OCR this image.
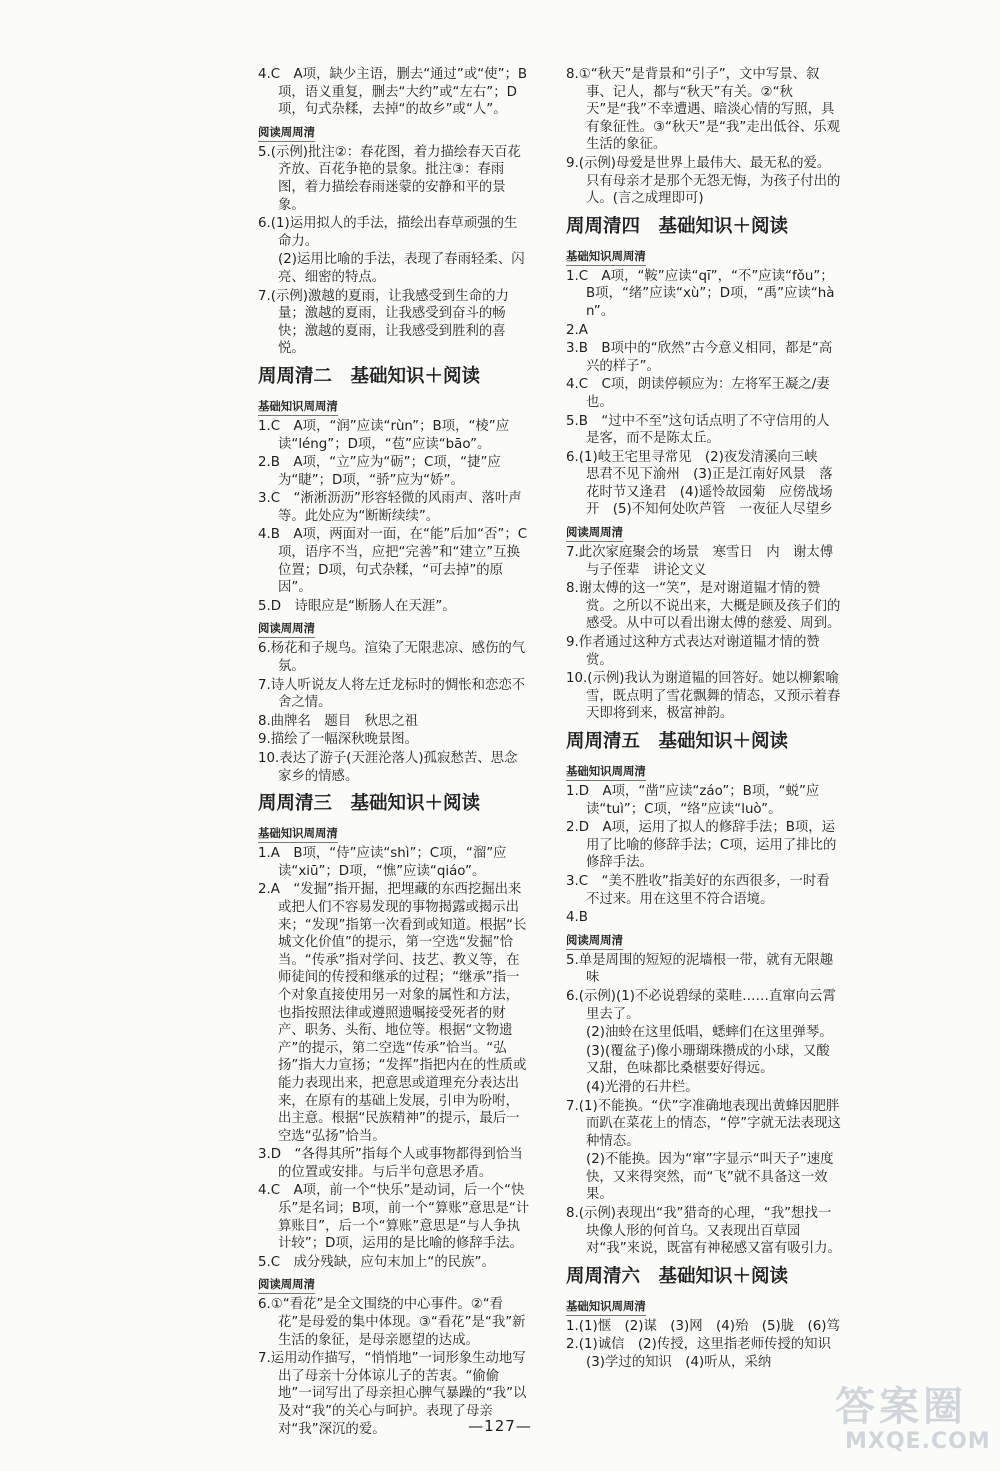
4.C　A项，缺少主语，删去“通过”或“使”；B项，语义重复，删去“大约”或“左右”；D项，句式杂糅，去掉“的故乡”或“人”。
阅读周周清
5.(示例)批注②：春花图，着力描绘春天百花齐放、百花争艳的景象。批注③：春雨图，着力描绘春雨迷蒙的安静和平的景象。
6.(1)运用拟人的手法，描绘出春草顽强的生命力。
(2)运用比喻的手法，表现了春雨轻柔、闪亮、细密的特点。
7.(示例)激越的夏雨，让我感受到生命的力量；激越的夏雨，让我感受到奋斗的畅快；激越的夏雨，让我感受到胜利的喜悦。
周周清二　基础知识＋阅读
基础知识周周清
1.C　A项，“润”应读“rùn”；B项，“棱”应读“léng”；D项，“苞”应读“bāo”。
2.B　A项，“立”应为“砺”；C项，“捷”应为“睫”；D项，“骄”应为“娇”。
3.C　“淅淅沥沥”形容轻微的风雨声、落叶声等。此处应为“断断续续”。
4.B　A项，两面对一面，在“能”后加“否”；C项，语序不当，应把“完善”和“建立”互换位置；D项，句式杂糅，“可去掉”的原因”。
5.D　诗眼应是“断肠人在天涯”。
阅读周周清
6.杨花和子规鸟。渲染了无限悲凉、感伤的气氛。
7.诗人听说友人将左迁龙标时的惆怅和恋恋不舍之情。
8.曲牌名　题目　秋思之祖
9.描绘了一幅深秋晚景图。
10.表达了游子(天涯沦落人)孤寂愁苦、思念家乡的情感。
周周清三　基础知识＋阅读
基础知识周周清
1.A　B项，“侍”应读“shì”；C项，“溜”应读“xiū”；D项，“憔”应读“qiáo”。
2.A　“发掘”指开掘，把埋藏的东西挖掘出来或把人们不容易发现的事物揭露或揭示出来；“发现”指第一次看到或知道。根据“长城文化价值”的提示，第一空选“发掘”恰当。“传承”指对学问、技艺、教义等，在师徒间的传授和继承的过程；“继承”指一个对象直接使用另一对象的属性和方法，也指按照法律或遵照遗嘱接受死者的财产、职务、头衔、地位等。根据“文物遗产”的提示，第二空选“传承”恰当。“弘扬”指大力宣扬；“发挥”指把内在的性质或能力表现出来，把意思或道理充分表达出来，在原有的基础上发展，引申为吩咐，出主意。根据“民族精神”的提示，最后一空选“弘扬”恰当。
3.D　“各得其所”指每个人或事物都得到恰当的位置或安排。与后半句意思矛盾。
4.C　A项，前一个“快乐”是动词，后一个“快乐”是名词；B项，前一个“算账”意思是“计算账目”，后一个“算账”意思是“与人争执计较”；D项，运用的是比喻的修辞手法。
5.C　成分残缺，应句末加上“的民族”。
阅读周周清
6.①“看花”是全文围绕的中心事件。②“看花”是母爱的集中体现。③“看花”是“我”新生活的象征，是母亲愿望的达成。
7.运用动作描写，“悄悄地”一词形象生动地写出了母亲十分体谅儿子的苦衷。“偷偷地”一词写出了母亲担心脾气暴躁的“我”以及对“我”的关心与呵护。表现了母亲对“我”深沉的爱。
8.①“秋天”是背景和“引子”，文中写景、叙事、记人，都与“秋天”有关。②“秋天”是“我”不幸遭遇、暗淡心情的写照，具有象征性。③“秋天”是“我”走出低谷、乐观生活的象征。
9.(示例)母爱是世界上最伟大、最无私的爱。只有母亲才是那个无怨无悔，为孩子付出的人。(言之成理即可)
周周清四　基础知识＋阅读
基础知识周周清
1.C　A项，“鞍”应读“qī”，“不”应读“fǒu”；B项，“绪”应读“xù”；D项，“禹”应读“hàn”。
2.A
3.B　B项中的“欣然”古今意义相同，都是“高兴的样子”。
4.C　C项，朗读停顿应为：左将军王凝之/妻也。
5.B　“过中不至”这句话点明了不守信用的人是客，而不是陈太丘。
6.(1)岐王宅里寻常见　(2)夜发清溪向三峡　思君不见下渝州　(3)正是江南好风景　落花时节又逢君　(4)遥怜故园菊　应傍战场开　(5)不知何处吹芦管　一夜征人尽望乡
阅读周周清
7.此次家庭聚会的场景　寒雪日　内　谢太傅与子侄辈　讲论文义
8.谢太傅的这一“笑”，是对谢道韫才情的赞赏。之所以不说出来，大概是顾及孩子们的感受。从中可以看出谢太傅的慈爱、周到。
9.作者通过这种方式表达对谢道韫才情的赞赏。
10.(示例)我认为谢道韫的回答好。她以柳絮喻雪，既点明了雪花飘舞的情态，又预示着春天即将到来，极富神韵。
周周清五　基础知识＋阅读
基础知识周周清
1.D　A项，“凿”应读“záo”；B项，“蜕”应读“tuì”；C项，“络”应读“luò”。
2.D　A项，运用了拟人的修辞手法；B项，运用了比喻的修辞手法；C项，运用了排比的修辞手法。
3.C　“美不胜收”指美好的东西很多，一时看不过来。用在这里不符合语境。
4.B
阅读周周清
5.单是周围的短短的泥墙根一带，就有无限趣味
6.(示例)(1)不必说碧绿的菜畦……直窜向云霄里去了。
(2)油蛉在这里低唱，蟋蟀们在这里弹琴。
(3)(覆盆子)像小珊瑚珠攒成的小球，又酸又甜，色味都比桑椹要好得远。
(4)光滑的石井栏。
7.(1)不能换。“伏”字准确地表现出黄蜂因肥胖而趴在菜花上的情态，“停”字就无法表现这种情态。
(2)不能换。因为“窜”字显示“叫天子”速度快，又来得突然，而“飞”就不具备这一效果。
8.(示例)表现出“我”猎奇的心理，“我”想找一块像人形的何首乌。又表现出百草园对“我”来说，既富有神秘感又富有吸引力。
周周清六　基础知识＋阅读
基础知识周周清
1.(1)惬　(2)谋　(3)网　(4)殆　(5)胧　(6)笃
2.(1)诚信　(2)传授，这里指老师传授的知识　(3)学过的知识　(4)听从，采纳
—127—	答案圈
MXQE.COM
